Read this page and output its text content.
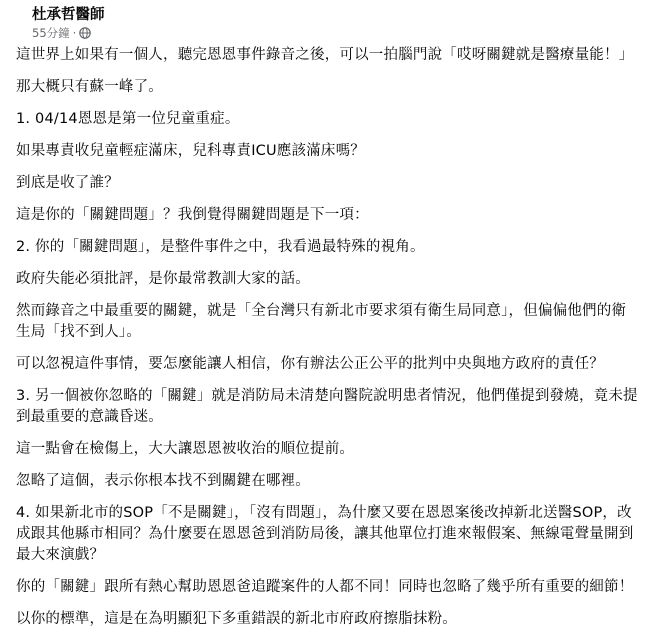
杜承哲醫師
55分鐘 ·

這世界上如果有一個人，聽完恩恩事件錄音之後，可以一拍腦門說「哎呀關鍵就是醫療量能！」

那大概只有蘇一峰了。

1. 04/14恩恩是第一位兒童重症。

如果專責收兒童輕症滿床，兒科專責ICU應該滿床嗎？

到底是收了誰？

這是你的「關鍵問題」？我倒覺得關鍵問題是下一項：

2. 你的「關鍵問題」，是整件事件之中，我看過最特殊的視角。

政府失能必須批評，是你最常教訓大家的話。

然而錄音之中最重要的關鍵，就是「全台灣只有新北市要求須有衛生局同意」，但偏偏他們的衛生局「找不到人」。

可以忽視這件事情，要怎麼能讓人相信，你有辦法公正公平的批判中央與地方政府的責任？

3. 另一個被你忽略的「關鍵」就是消防局未清楚向醫院說明患者情況，他們僅提到發燒，竟未提到最重要的意識昏迷。

這一點會在檢傷上，大大讓恩恩被收治的順位提前。

忽略了這個，表示你根本找不到關鍵在哪裡。

4. 如果新北市的SOP「不是關鍵」，「沒有問題」，為什麼又要在恩恩案後改掉新北送醫SOP，改成跟其他縣市相同？為什麼要在恩恩爸到消防局後，讓其他單位打進來報假案、無線電聲量開到最大來演戲？

你的「關鍵」跟所有熱心幫助恩恩爸追蹤案件的人都不同！同時也忽略了幾乎所有重要的細節！

以你的標準，這是在為明顯犯下多重錯誤的新北市府政府擦脂抹粉。
